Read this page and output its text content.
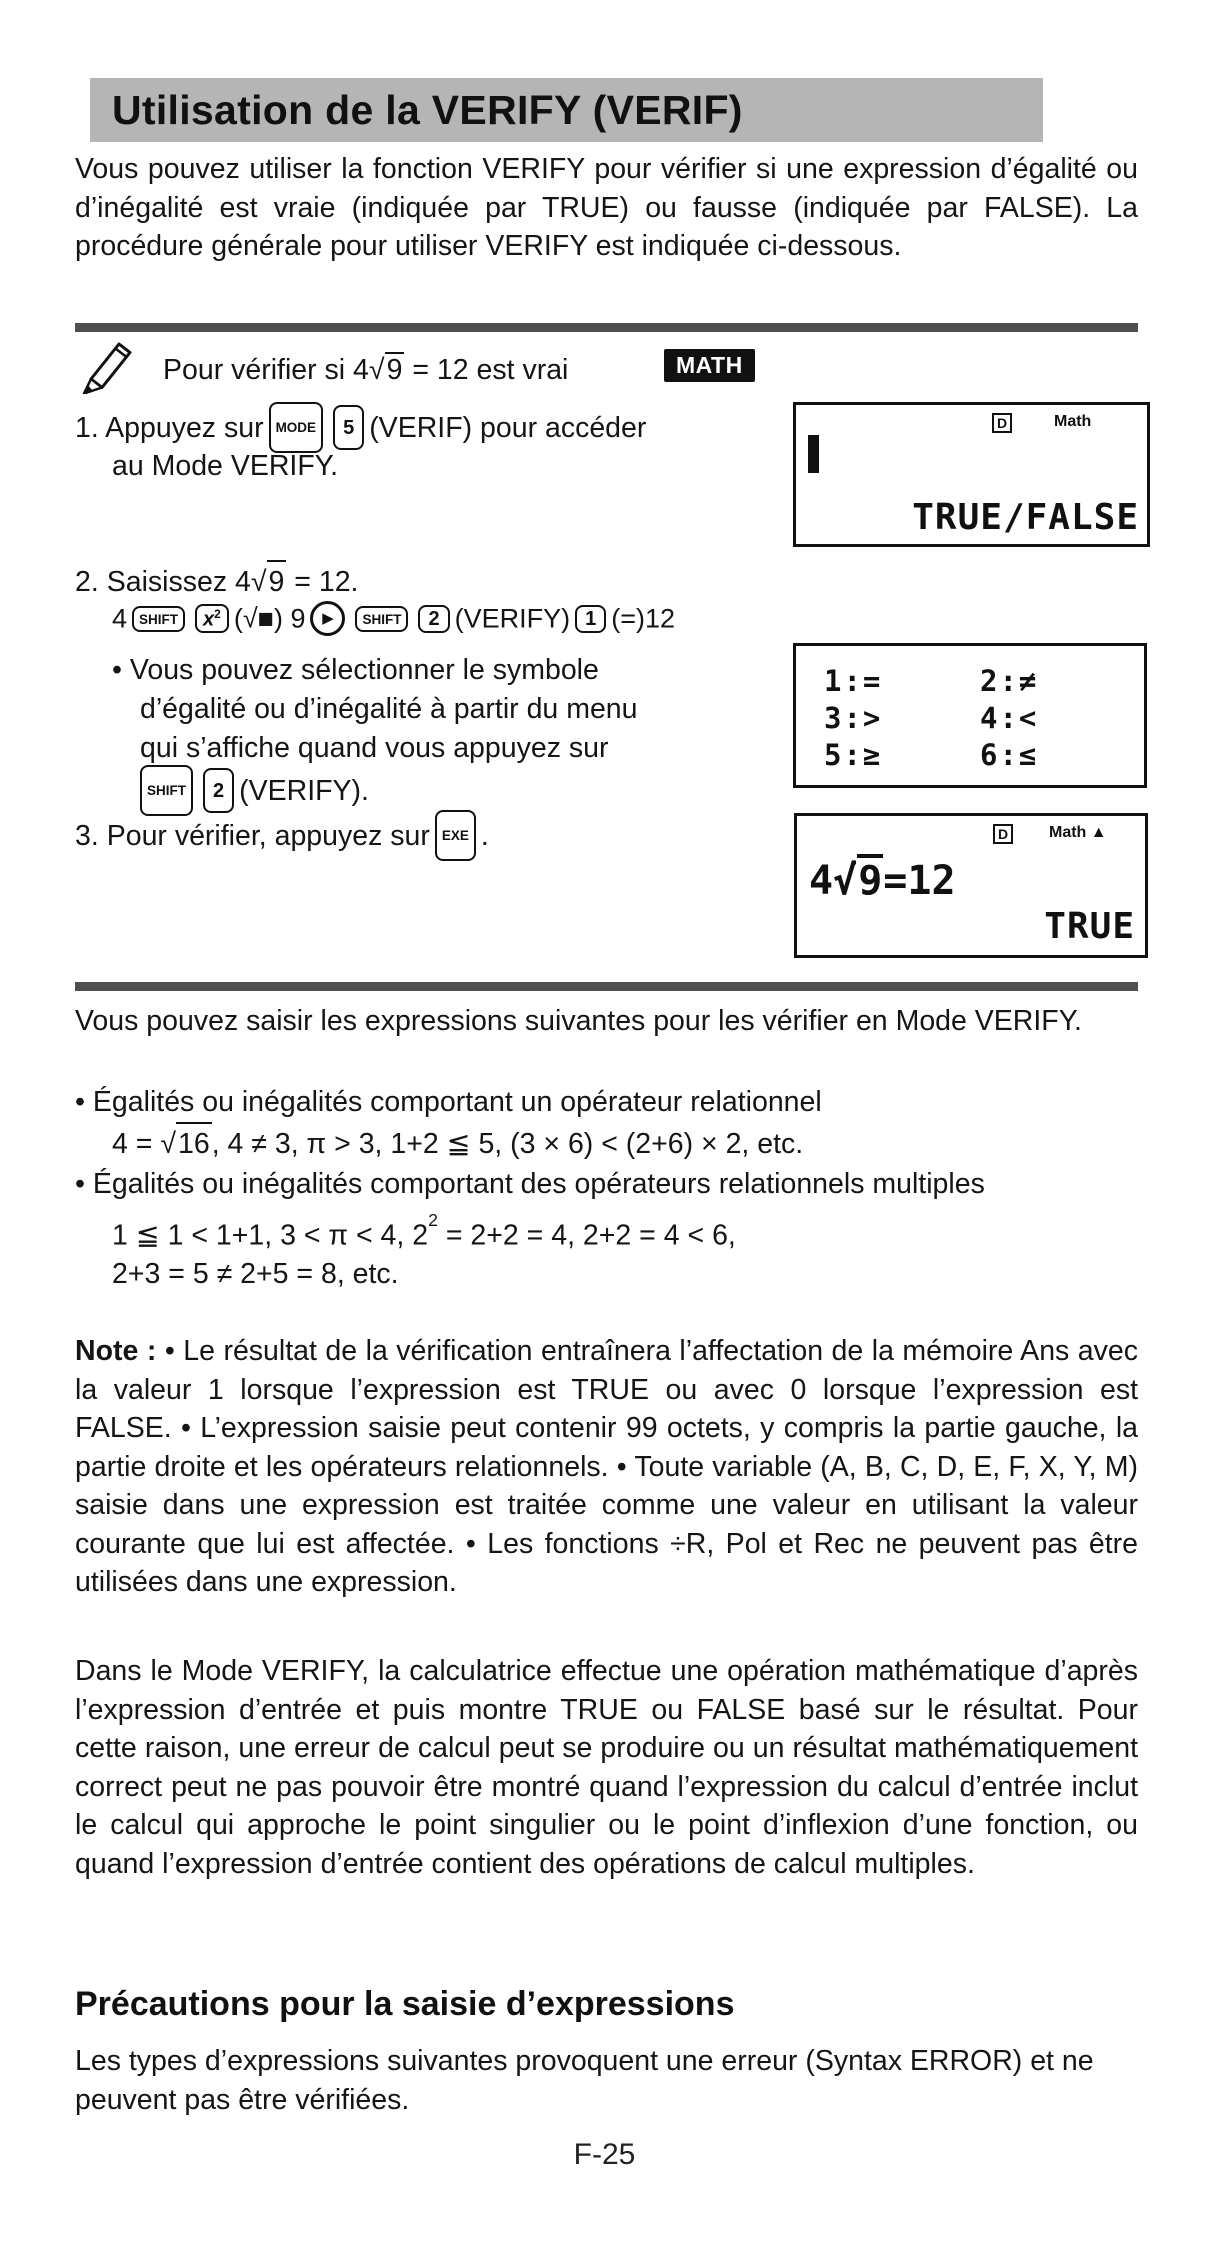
Utilisation de la VERIFY (VERIF)
Vous pouvez utiliser la fonction VERIFY pour vérifier si une expression d’égalité ou d’inégalité est vraie (indiquée par TRUE) ou fausse (indiquée par FALSE). La procédure générale pour utiliser VERIFY est indiquée ci-dessous.
Pour vérifier si 4√9 = 12 est vrai	MATH
1. Appuyez sur MODE 5 (VERIF) pour accéder
au Mode VERIFY.
D	Math
TRUE/FALSE
2. Saisissez 4√9 = 12.
4 SHIFT $x^2$ (√■) 9 ▶ SHIFT 2 (VERIFY) 1 (=)12
• Vous pouvez sélectionner le symbole
d’égalité ou d’inégalité à partir du menu
qui s’affiche quand vous appuyez sur
SHIFT 2 (VERIFY).
1:=	2:≠
3:>	4:<
5:≥	6:≤
3. Pour vérifier, appuyez sur EXE .	D	Math ▲
4√9=12
TRUE
Vous pouvez saisir les expressions suivantes pour les vérifier en Mode VERIFY.
• Égalités ou inégalités comportant un opérateur relationnel
4 = √16, 4 ≠ 3, π > 3, 1+2 ≦ 5, (3 × 6) < (2+6) × 2, etc.
• Égalités ou inégalités comportant des opérateurs relationnels multiples
1 ≦ 1 < 1+1, 3 < π < 4, $2^2 = 2+2 = 4$, 2+2 = 4 < 6,
2+3 = 5 ≠ 2+5 = 8, etc.
Note : • Le résultat de la vérification entraînera l’affectation de la mémoire Ans avec la valeur 1 lorsque l’expression est TRUE ou avec 0 lorsque l’expression est FALSE. • L’expression saisie peut contenir 99 octets, y compris la partie gauche, la partie droite et les opérateurs relationnels. • Toute variable (A, B, C, D, E, F, X, Y, M) saisie dans une expression est traitée comme une valeur en utilisant la valeur courante que lui est affectée. • Les fonctions ÷R, Pol et Rec ne peuvent pas être utilisées dans une expression.
Dans le Mode VERIFY, la calculatrice effectue une opération mathématique d’après l’expression d’entrée et puis montre TRUE ou FALSE basé sur le résultat. Pour cette raison, une erreur de calcul peut se produire ou un résultat mathématiquement correct peut ne pas pouvoir être montré quand l’expression du calcul d’entrée inclut le calcul qui approche le point singulier ou le point d’inflexion d’une fonction, ou quand l’expression d’entrée contient des opérations de calcul multiples.
Précautions pour la saisie d’expressions
Les types d’expressions suivantes provoquent une erreur (Syntax ERROR) et ne peuvent pas être vérifiées.
F-25
